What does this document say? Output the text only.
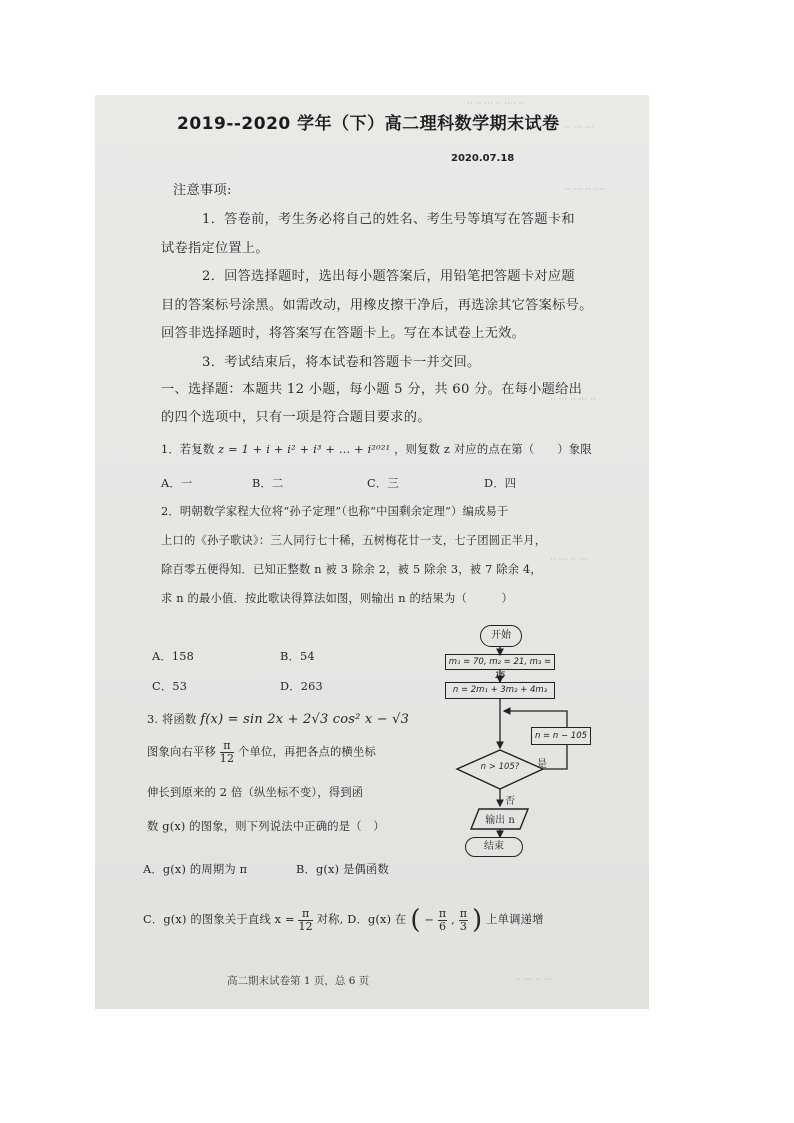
·· ·· ··· ·· ···· ··
·· ··· ···
·· ··· ·· ····
·· ··· ·· ··· ··
·· ··· ·· ···
·· ··· ·· ···
2019--2020 学年（下）高二理科数学期末试卷
2020.07.18
注意事项:
1．答卷前，考生务必将自己的姓名、考生号等填写在答题卡和
试卷指定位置上。
2．回答选择题时，选出每小题答案后，用铅笔把答题卡对应题
目的答案标号涂黑。如需改动，用橡皮擦干净后，再选涂其它答案标号。
回答非选择题时，将答案写在答题卡上。写在本试卷上无效。
3．考试结束后，将本试卷和答题卡一并交回。
一、选择题：本题共 12 小题，每小题 5 分，共 60 分。在每小题给出
的四个选项中，只有一项是符合题目要求的。
1．若复数 z = 1 + i + i² + i³ + … + i²⁰²¹ ，则复数 z 对应的点在第（　　）象限
A．一	B．二	C．三	D．四
2．明朝数学家程大位将“孙子定理”（也称“中国剩余定理”）编成易于
上口的《孙子歌诀》：三人同行七十稀，五树梅花廿一支，七子团圆正半月，
除百零五便得知．已知正整数 n 被 3 除余 2，被 5 除余 3，被 7 除余 4，
求 n 的最小值．按此歌诀得算法如图，则输出 n 的结果为（　　　）
A．158	B．54
C．53	D．263
开始
m₁ = 70, m₂ = 21, m₃ = 15
n = 2m₁ + 3m₂ + 4m₃
n = n − 105
n > 105?	是
否
输出 n
结束
3. 将函数 f(x) = sin 2x + 2√3 cos² x − √3
图象向右平移 $\frac{\pi}{12}$ 个单位，再把各点的横坐标
伸长到原来的 2 倍（纵坐标不变），得到函
数 g(x) 的图象，则下列说法中正确的是（　）
A．g(x) 的周期为 π	B．g(x) 是偶函数
C．g(x) 的图象关于直线 $x = \frac{\pi}{12}$ 对称, D．g(x) 在 ( − $\frac{\pi}{6}$ , $\frac{\pi}{3}$ ) 上单调递增
高二期末试卷第 1 页，总 6 页
